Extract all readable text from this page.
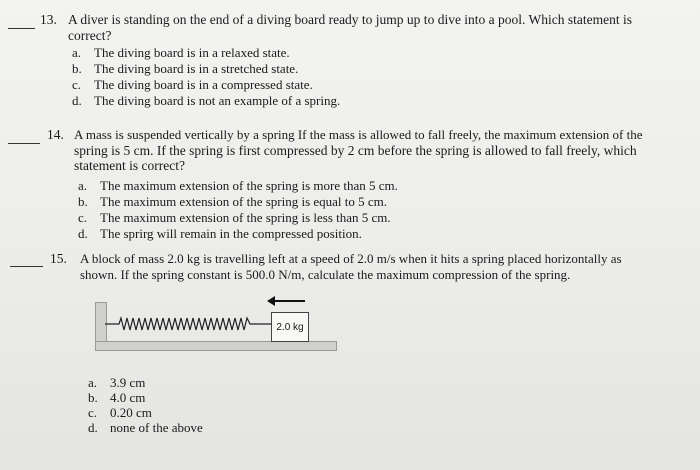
13. A diver is standing on the end of a diving board ready to jump up to dive into a pool. Which statement is
correct?
a. The diving board is in a relaxed state.
b. The diving board is in a stretched state.
c. The diving board is in a compressed state.
d. The diving board is not an example of a spring.
14. A mass is suspended vertically by a spring If the mass is allowed to fall freely, the maximum extension of the
spring is 5 cm. If the spring is first compressed by 2 cm before the spring is allowed to fall freely, which
statement is correct?
a. The maximum extension of the spring is more than 5 cm.
b. The maximum extension of the spring is equal to 5 cm.
c. The maximum extension of the spring is less than 5 cm.
d. The sprirg will remain in the compressed position.
15. A block of mass 2.0 kg is travelling left at a speed of 2.0 m/s when it hits a spring placed horizontally as
shown. If the spring constant is 500.0 N/m, calculate the maximum compression of the spring.
2.0 kg
a. 3.9 cm
b. 4.0 cm
c. 0.20 cm
d. none of the above
